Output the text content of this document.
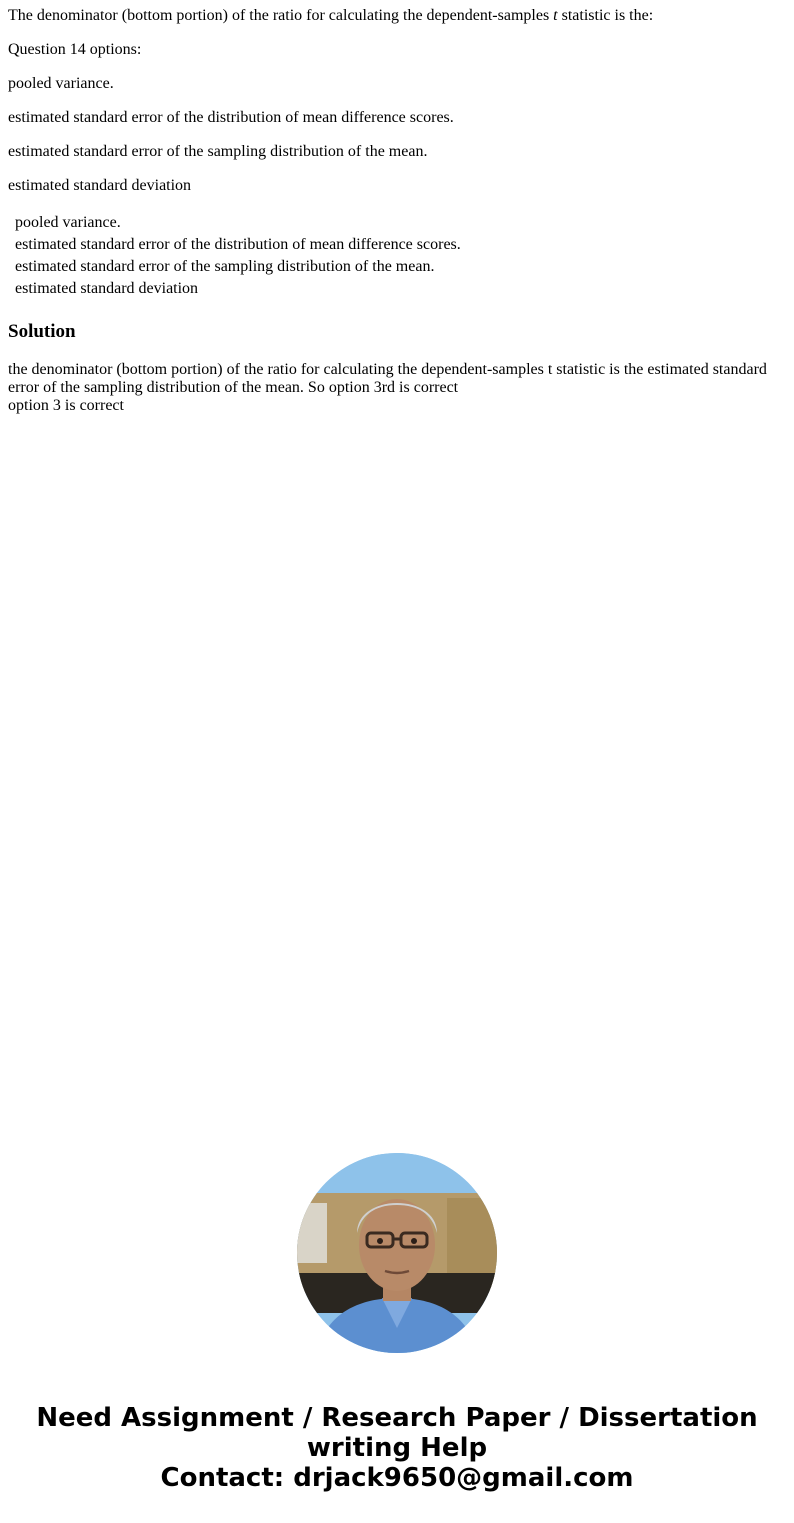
The denominator (bottom portion) of the ratio for calculating the dependent-samples t statistic is the:

Question 14 options:

pooled variance.

estimated standard error of the distribution of mean difference scores.

estimated standard error of the sampling distribution of the mean.

estimated standard deviation

pooled variance.
estimated standard error of the distribution of mean difference scores.
estimated standard error of the sampling distribution of the mean.
estimated standard deviation
Solution
the denominator (bottom portion) of the ratio for calculating the dependent-samples t statistic is the estimated standard error of the sampling distribution of the mean. So option 3rd is correct
option 3 is correct
Need Assignment / Research Paper / Dissertation writing Help
Contact: drjack9650@gmail.com
